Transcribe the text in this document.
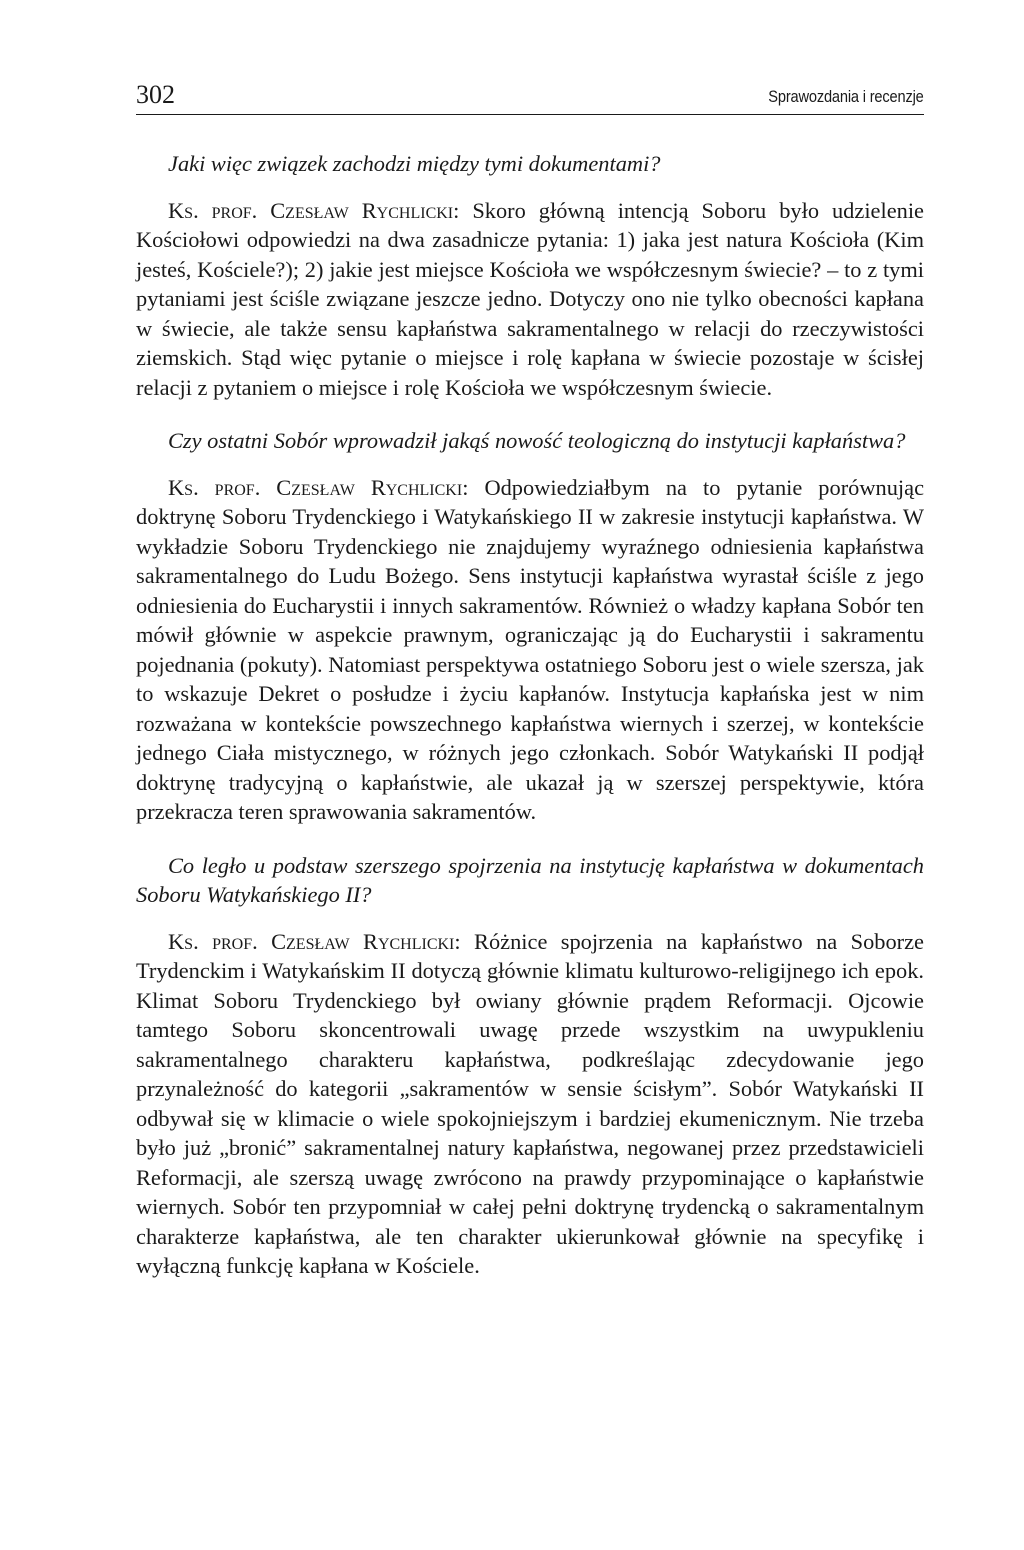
302	Sprawozdania i recenzje

Jaki więc związek zachodzi między tymi dokumentami?

Ks. prof. Czesław Rychlicki: Skoro główną intencją Soboru było udzielenie Kościołowi odpowiedzi na dwa zasadnicze pytania: 1) jaka jest natura Kościoła (Kim jesteś, Kościele?); 2) jakie jest miejsce Kościoła we współczesnym świecie? – to z tymi pytaniami jest ściśle związane jeszcze jedno. Dotyczy ono nie tylko obecności kapłana w świecie, ale także sensu kapłaństwa sakramentalnego w relacji do rzeczywistości ziemskich. Stąd więc pytanie o miejsce i rolę kapłana w świecie pozostaje w ścisłej relacji z pytaniem o miejsce i rolę Kościoła we współczesnym świecie.

Czy ostatni Sobór wprowadził jakąś nowość teologiczną do instytucji kapłaństwa?

Ks. prof. Czesław Rychlicki: Odpowiedziałbym na to pytanie porównując doktrynę Soboru Trydenckiego i Watykańskiego II w zakresie instytucji kapłaństwa. W wykładzie Soboru Trydenckiego nie znajdujemy wyraźnego odniesienia kapłaństwa sakramentalnego do Ludu Bożego. Sens instytucji kapłaństwa wyrastał ściśle z jego odniesienia do Eucharystii i innych sakramentów. Również o władzy kapłana Sobór ten mówił głównie w aspekcie prawnym, ograniczając ją do Eucharystii i sakramentu pojednania (pokuty). Natomiast perspektywa ostatniego Soboru jest o wiele szersza, jak to wskazuje Dekret o posłudze i życiu kapłanów. Instytucja kapłańska jest w nim rozważana w kontekście powszechnego kapłaństwa wiernych i szerzej, w kontekście jednego Ciała mistycznego, w różnych jego członkach. Sobór Watykański II podjął doktrynę tradycyjną o kapłaństwie, ale ukazał ją w szerszej perspektywie, która przekracza teren sprawowania sakramentów.

Co legło u podstaw szerszego spojrzenia na instytucję kapłaństwa w dokumentach Soboru Watykańskiego II?

Ks. prof. Czesław Rychlicki: Różnice spojrzenia na kapłaństwo na Soborze Trydenckim i Watykańskim II dotyczą głównie klimatu kulturowo-religijnego ich epok. Klimat Soboru Trydenckiego był owiany głównie prądem Reformacji. Ojcowie tamtego Soboru skoncentrowali uwagę przede wszystkim na uwypukleniu sakramentalnego charakteru kapłaństwa, podkreślając zdecydowanie jego przynależność do kategorii „sakramentów w sensie ścisłym”. Sobór Watykański II odbywał się w klimacie o wiele spokojniejszym i bardziej ekumenicznym. Nie trzeba było już „bronić” sakramentalnej natury kapłaństwa, negowanej przez przedstawicieli Reformacji, ale szerszą uwagę zwrócono na prawdy przypominające o kapłaństwie wiernych. Sobór ten przypomniał w całej pełni doktrynę trydencką o sakramentalnym charakterze kapłaństwa, ale ten charakter ukierunkował głównie na specyfikę i wyłączną funkcję kapłana w Kościele.
